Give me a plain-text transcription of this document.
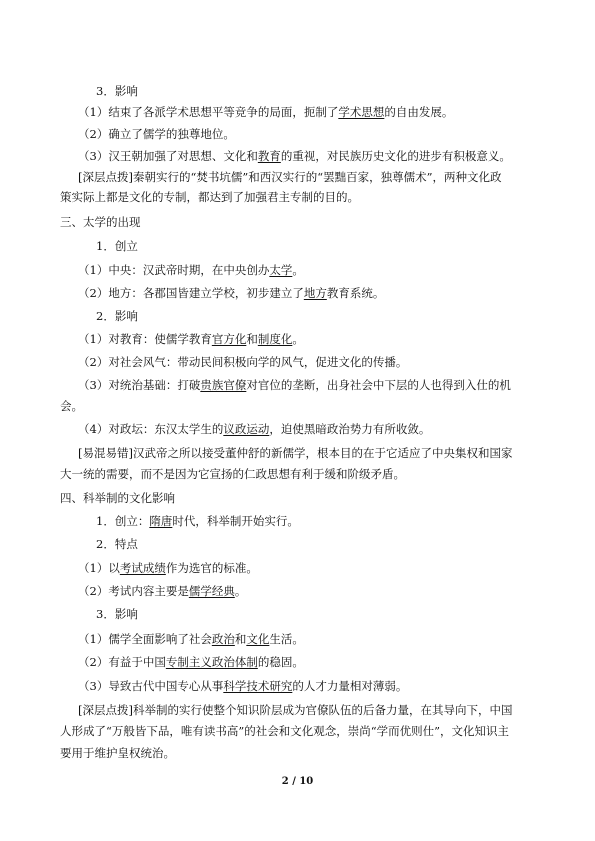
3．影响
（1）结束了各派学术思想平等竞争的局面，扼制了学术思想的自由发展。
（2）确立了儒学的独尊地位。
（3）汉王朝加强了对思想、文化和教育的重视，对民族历史文化的进步有积极意义。
[深层点拨]秦朝实行的“焚书坑儒”和西汉实行的“罢黜百家，独尊儒术”，两种文化政
策实际上都是文化的专制，都达到了加强君主专制的目的。
三、太学的出现
1．创立
（1）中央：汉武帝时期，在中央创办太学。
（2）地方：各郡国皆建立学校，初步建立了地方教育系统。
2．影响
（1）对教育：使儒学教育官方化和制度化。
（2）对社会风气：带动民间积极向学的风气，促进文化的传播。
（3）对统治基础：打破贵族官僚对官位的垄断，出身社会中下层的人也得到入仕的机
会。
（4）对政坛：东汉太学生的议政运动，迫使黑暗政治势力有所收敛。
[易混易错]汉武帝之所以接受董仲舒的新儒学，根本目的在于它适应了中央集权和国家
大一统的需要，而不是因为它宣扬的仁政思想有利于缓和阶级矛盾。
四、科举制的文化影响
1．创立：隋唐时代，科举制开始实行。
2．特点
（1）以考试成绩作为选官的标准。
（2）考试内容主要是儒学经典。
3．影响
（1）儒学全面影响了社会政治和文化生活。
（2）有益于中国专制主义政治体制的稳固。
（3）导致古代中国专心从事科学技术研究的人才力量相对薄弱。
[深层点拨]科举制的实行使整个知识阶层成为官僚队伍的后备力量，在其导向下，中国
人形成了“万般皆下品，唯有读书高”的社会和文化观念，崇尚“学而优则仕”，文化知识主
要用于维护皇权统治。
2 / 10
